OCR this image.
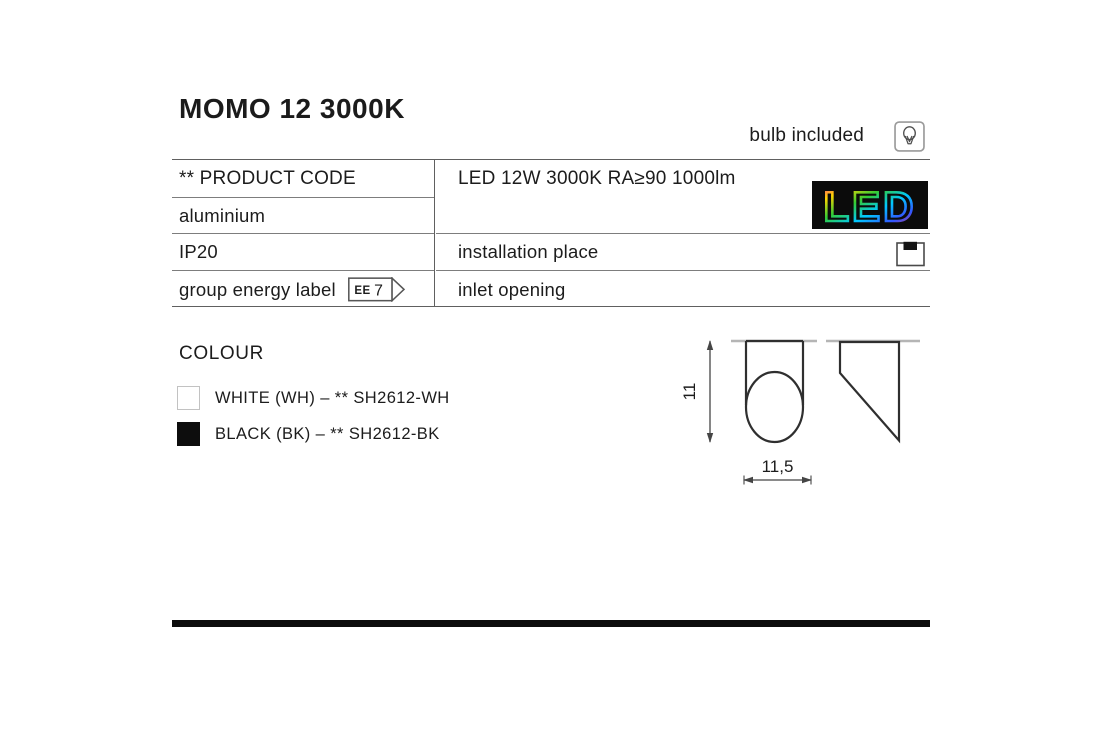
MOMO 12 3000K
bulb included
** PRODUCT CODE
aluminium
IP20
group energy label EE 7
LED 12W 3000K RA≥90 1000lm
LED
installation place
inlet opening
COLOUR
WHITE (WH) – ** SH2612-WH
BLACK (BK) – ** SH2612-BK
11
11,5
